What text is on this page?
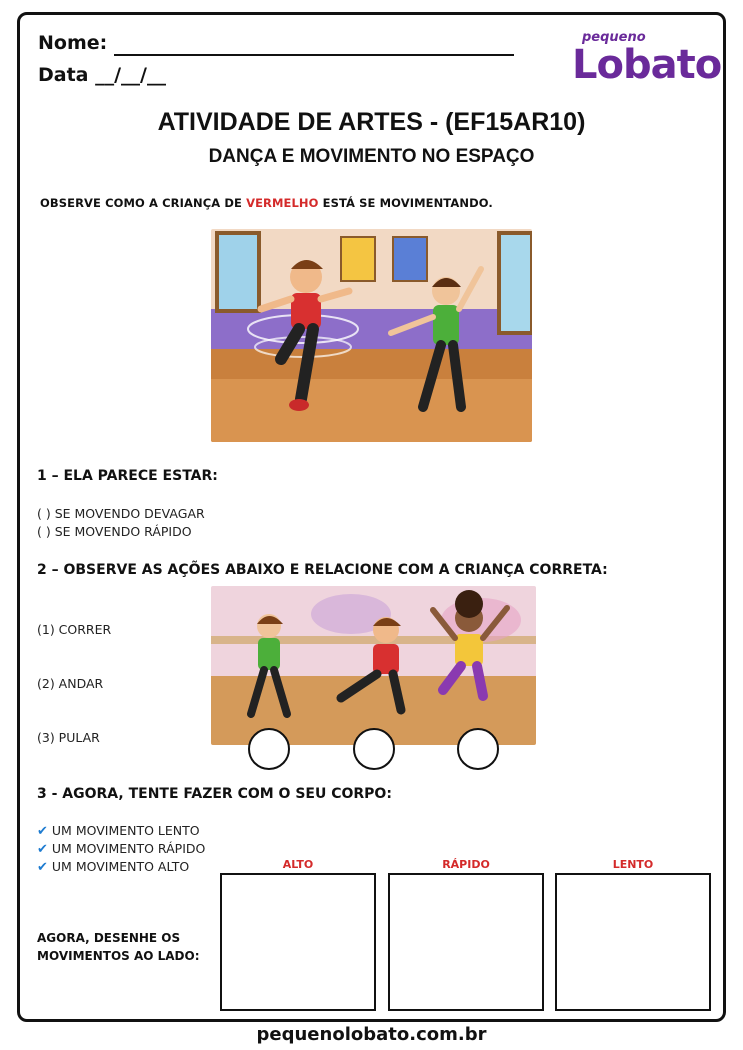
Nome:
Data __/__/__
pequeno
Lobato
ATIVIDADE DE ARTES - (EF15AR10)
DANÇA E MOVIMENTO NO ESPAÇO
OBSERVE COMO A CRIANÇA DE VERMELHO ESTÁ SE MOVIMENTANDO.
1 – ELA PARECE ESTAR:
( ) SE MOVENDO DEVAGAR
( ) SE MOVENDO RÁPIDO
2 – OBSERVE AS AÇÕES ABAIXO E RELACIONE COM A CRIANÇA CORRETA:
(1) CORRER
(2) ANDAR
(3) PULAR
3 - AGORA, TENTE FAZER COM O SEU CORPO:
✔ UM MOVIMENTO LENTO
✔ UM MOVIMENTO RÁPIDO
✔ UM MOVIMENTO ALTO
AGORA, DESENHE OS
MOVIMENTOS AO LADO:
ALTO	RÁPIDO	LENTO
pequenolobato.com.br
